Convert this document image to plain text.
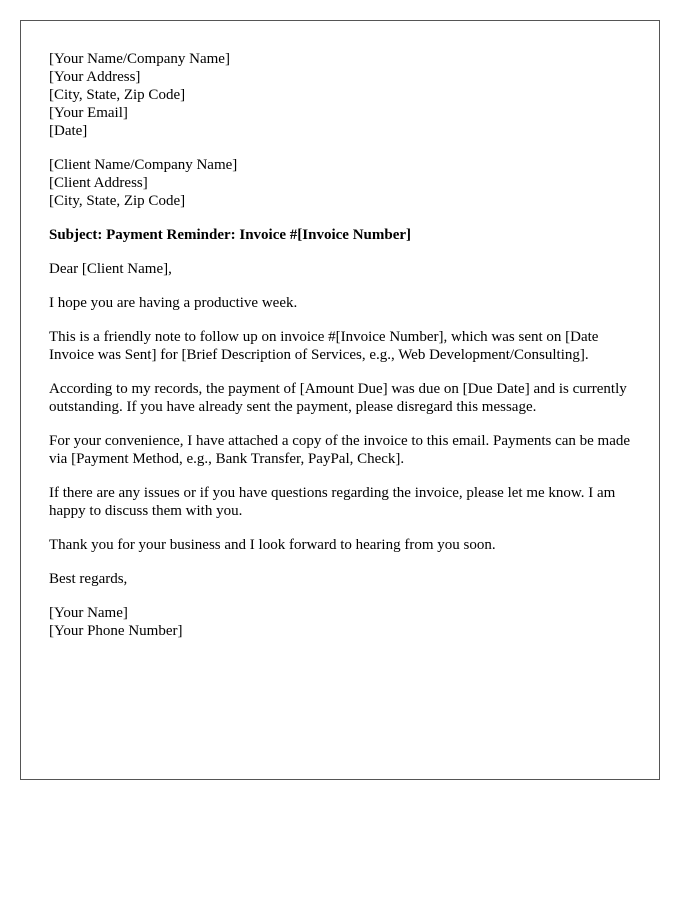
[Your Name/Company Name]
[Your Address]
[City, State, Zip Code]
[Your Email]
[Date]
[Client Name/Company Name]
[Client Address]
[City, State, Zip Code]

Subject: Payment Reminder: Invoice #[Invoice Number]

Dear [Client Name],

I hope you are having a productive week.

This is a friendly note to follow up on invoice #[Invoice Number], which was sent on [Date Invoice was Sent] for [Brief Description of Services, e.g., Web Development/Consulting].

According to my records, the payment of [Amount Due] was due on [Due Date] and is currently outstanding. If you have already sent the payment, please disregard this message.

For your convenience, I have attached a copy of the invoice to this email. Payments can be made via [Payment Method, e.g., Bank Transfer, PayPal, Check].

If there are any issues or if you have questions regarding the invoice, please let me know. I am happy to discuss them with you.

Thank you for your business and I look forward to hearing from you soon.

Best regards,

[Your Name]
[Your Phone Number]
